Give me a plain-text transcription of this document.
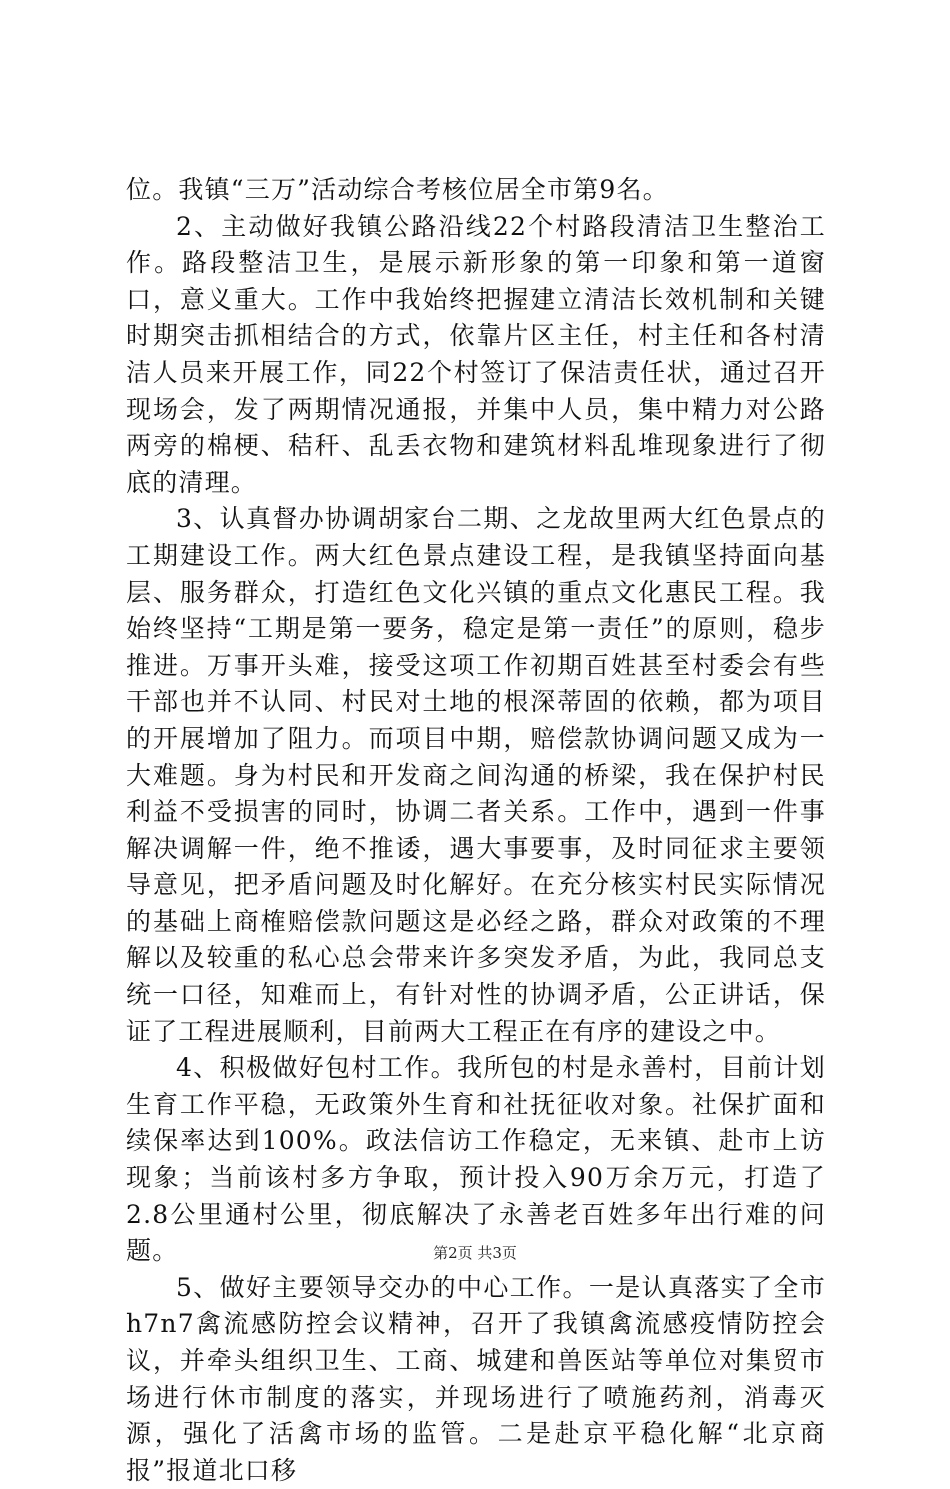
位。我镇“三万”活动综合考核位居全市第9名。

2、主动做好我镇公路沿线22个村路段清洁卫生整治工作。路段整洁卫生，是展示新形象的第一印象和第一道窗口，意义重大。工作中我始终把握建立清洁长效机制和关键时期突击抓相结合的方式，依靠片区主任，村主任和各村清洁人员来开展工作，同22个村签订了保洁责任状，通过召开现场会，发了两期情况通报，并集中人员，集中精力对公路两旁的棉梗、秸秆、乱丢衣物和建筑材料乱堆现象进行了彻底的清理。

3、认真督办协调胡家台二期、之龙故里两大红色景点的工期建设工作。两大红色景点建设工程，是我镇坚持面向基层、服务群众，打造红色文化兴镇的重点文化惠民工程。我始终坚持“工期是第一要务，稳定是第一责任”的原则，稳步推进。万事开头难，接受这项工作初期百姓甚至村委会有些干部也并不认同、村民对土地的根深蒂固的依赖，都为项目的开展增加了阻力。而项目中期，赔偿款协调问题又成为一大难题。身为村民和开发商之间沟通的桥梁，我在保护村民利益不受损害的同时，协调二者关系。工作中，遇到一件事解决调解一件，绝不推诿，遇大事要事，及时同征求主要领导意见，把矛盾问题及时化解好。在充分核实村民实际情况的基础上商榷赔偿款问题这是必经之路，群众对政策的不理解以及较重的私心总会带来许多突发矛盾，为此，我同总支统一口径，知难而上，有针对性的协调矛盾，公正讲话，保证了工程进展顺利，目前两大工程正在有序的建设之中。

4、积极做好包村工作。我所包的村是永善村，目前计划生育工作平稳，无政策外生育和社抚征收对象。社保扩面和续保率达到100%。政法信访工作稳定，无来镇、赴市上访现象；当前该村多方争取，预计投入90万余万元，打造了2.8公里通村公里，彻底解决了永善老百姓多年出行难的问题。

5、做好主要领导交办的中心工作。一是认真落实了全市h7n7禽流感防控会议精神，召开了我镇禽流感疫情防控会议，并牵头组织卫生、工商、城建和兽医站等单位对集贸市场进行休市制度的落实，并现场进行了喷施药剂，消毒灭源，强化了活禽市场的监管。二是赴京平稳化解“北京商报”报道北口移

第2页 共3页
